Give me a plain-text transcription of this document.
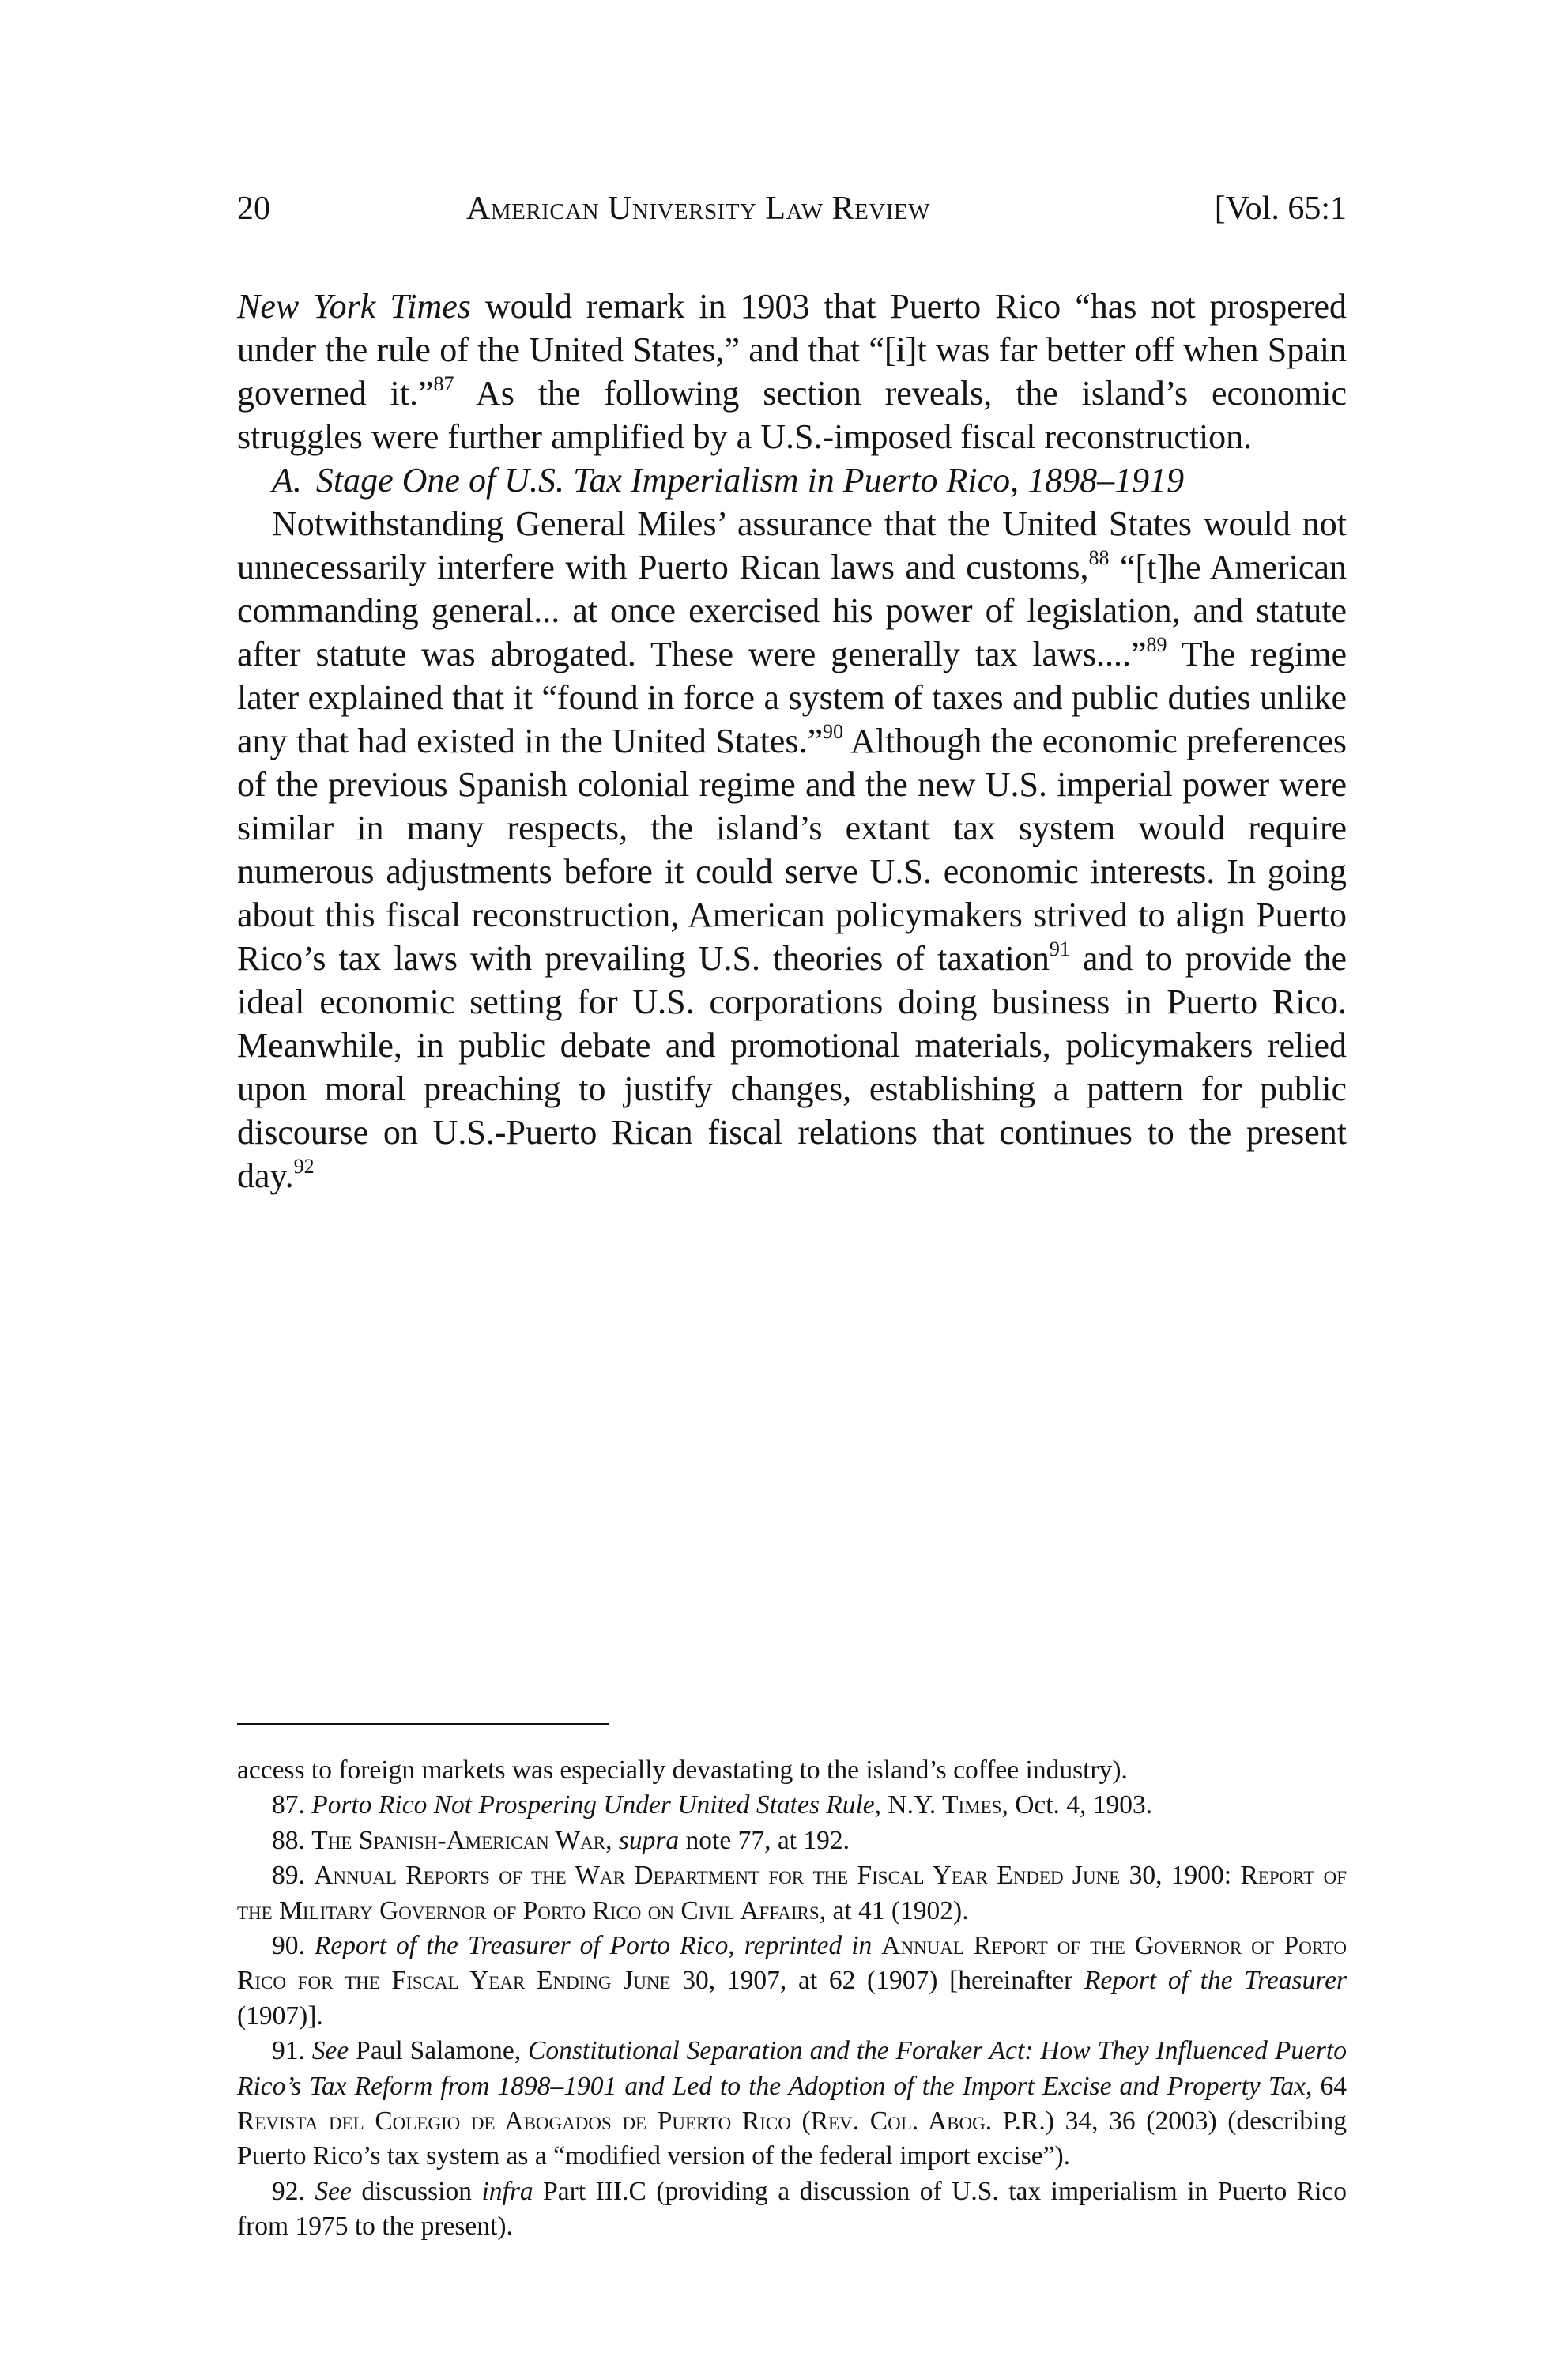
20	American University Law Review	[Vol. 65:1

New York Times would remark in 1903 that Puerto Rico “has not prospered under the rule of the United States,” and that “[i]t was far better off when Spain governed it.”$^{87}$ As the following section reveals, the island’s economic struggles were further amplified by a U.S.-imposed fiscal reconstruction.

A. Stage One of U.S. Tax Imperialism in Puerto Rico, 1898–1919

Notwithstanding General Miles’ assurance that the United States would not unnecessarily interfere with Puerto Rican laws and customs,$^{88}$ “[t]he American commanding general... at once exercised his power of legislation, and statute after statute was abrogated. These were generally tax laws....”$^{89}$ The regime later explained that it “found in force a system of taxes and public duties unlike any that had existed in the United States.”$^{90}$ Although the economic preferences of the previous Spanish colonial regime and the new U.S. imperial power were similar in many respects, the island’s extant tax system would require numerous adjustments before it could serve U.S. economic interests. In going about this fiscal reconstruction, American policymakers strived to align Puerto Rico’s tax laws with prevailing U.S. theories of taxation$^{91}$ and to provide the ideal economic setting for U.S. corporations doing business in Puerto Rico. Meanwhile, in public debate and promotional materials, policymakers relied upon moral preaching to justify changes, establishing a pattern for public discourse on U.S.-Puerto Rican fiscal relations that continues to the present day.$^{92}$

access to foreign markets was especially devastating to the island’s coffee industry).

87. Porto Rico Not Prospering Under United States Rule, N.Y. Times, Oct. 4, 1903.

88. The Spanish-American War, supra note 77, at 192.

89. Annual Reports of the War Department for the Fiscal Year Ended June 30, 1900: Report of the Military Governor of Porto Rico on Civil Affairs, at 41 (1902).

90. Report of the Treasurer of Porto Rico, reprinted in Annual Report of the Governor of Porto Rico for the Fiscal Year Ending June 30, 1907, at 62 (1907) [hereinafter Report of the Treasurer (1907)].

91. See Paul Salamone, Constitutional Separation and the Foraker Act: How They Influenced Puerto Rico’s Tax Reform from 1898–1901 and Led to the Adoption of the Import Excise and Property Tax, 64 Revista del Colegio de Abogados de Puerto Rico (Rev. Col. Abog. P.R.) 34, 36 (2003) (describing Puerto Rico’s tax system as a “modified version of the federal import excise”).

92. See discussion infra Part III.C (providing a discussion of U.S. tax imperialism in Puerto Rico from 1975 to the present).
